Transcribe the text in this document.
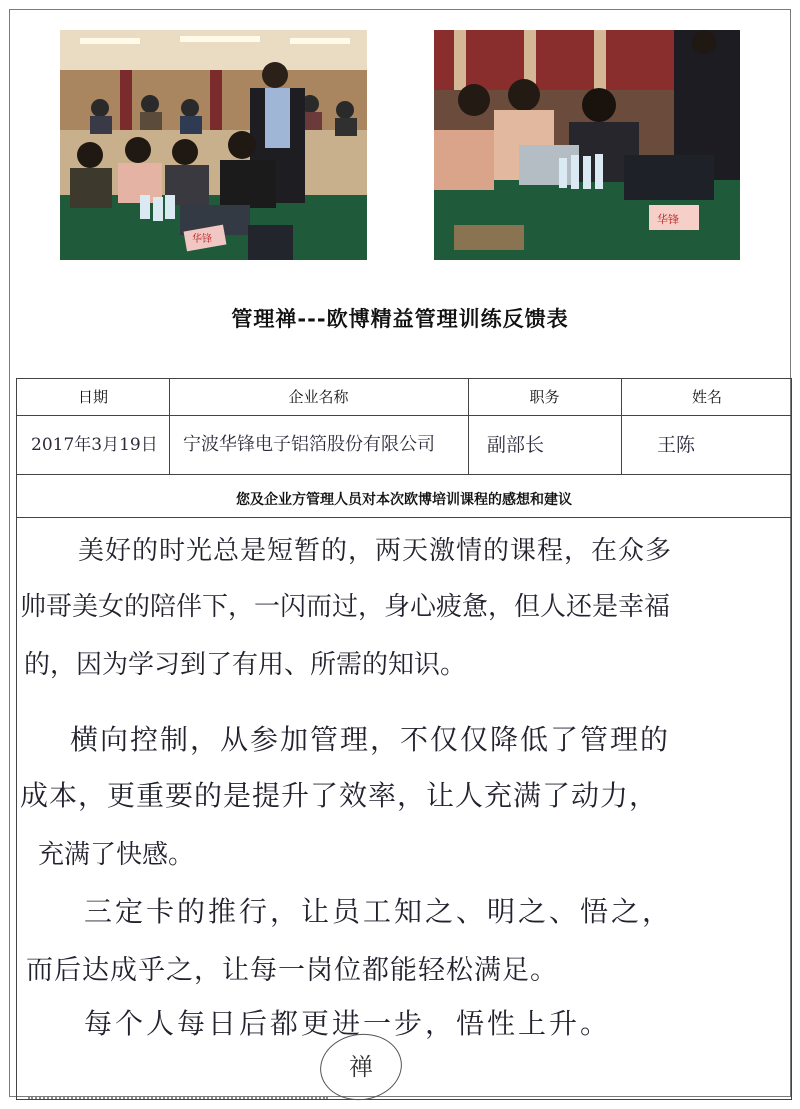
华锋
华锋
管理禅---欧博精益管理训练反馈表
日期	企业名称	职务	姓名
2017年3月19日 宁波华锋电子铝箔股份有限公司	副部长	王陈
您及企业方管理人员对本次欧博培训课程的感想和建议
美好的时光总是短暂的，两天激情的课程，在众多
帅哥美女的陪伴下，一闪而过，身心疲惫，但人还是幸福
的，因为学习到了有用、所需的知识。
横向控制，从参加管理，不仅仅降低了管理的
成本，更重要的是提升了效率，让人充满了动力，
充满了快感。
三定卡的推行，让员工知之、明之、悟之，
而后达成乎之，让每一岗位都能轻松满足。
每个人每日后都更进一步，悟性上升。
禅
